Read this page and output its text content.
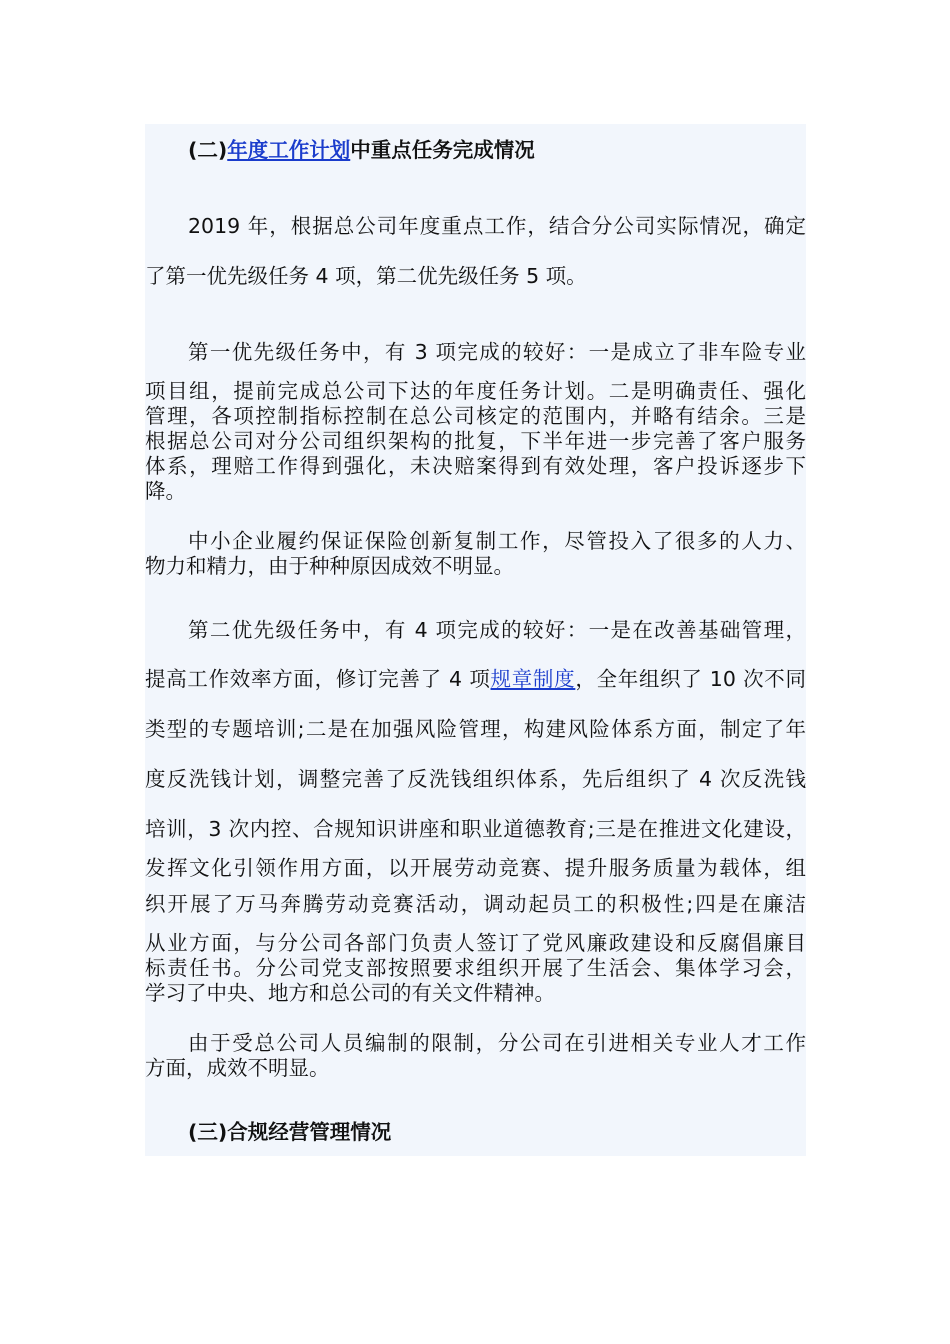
(二)年度工作计划中重点任务完成情况
2019 年，根据总公司年度重点工作，结合分公司实际情况，确定
了第一优先级任务 4 项，第二优先级任务 5 项。
第一优先级任务中，有 3 项完成的较好：一是成立了非车险专业
项目组，提前完成总公司下达的年度任务计划。二是明确责任、强化
管理，各项控制指标控制在总公司核定的范围内，并略有结余。三是
根据总公司对分公司组织架构的批复，下半年进一步完善了客户服务
体系，理赔工作得到强化，未决赔案得到有效处理，客户投诉逐步下
降。
中小企业履约保证保险创新复制工作，尽管投入了很多的人力、
物力和精力，由于种种原因成效不明显。
第二优先级任务中，有 4 项完成的较好：一是在改善基础管理，
提高工作效率方面，修订完善了 4 项规章制度，全年组织了 10 次不同
类型的专题培训;二是在加强风险管理，构建风险体系方面，制定了年
度反洗钱计划，调整完善了反洗钱组织体系，先后组织了 4 次反洗钱
培训，3 次内控、合规知识讲座和职业道德教育;三是在推进文化建设，
发挥文化引领作用方面，以开展劳动竞赛、提升服务质量为载体，组
织开展了万马奔腾劳动竞赛活动，调动起员工的积极性;四是在廉洁
从业方面，与分公司各部门负责人签订了党风廉政建设和反腐倡廉目
标责任书。分公司党支部按照要求组织开展了生活会、集体学习会，
学习了中央、地方和总公司的有关文件精神。
由于受总公司人员编制的限制，分公司在引进相关专业人才工作
方面，成效不明显。
(三)合规经营管理情况
